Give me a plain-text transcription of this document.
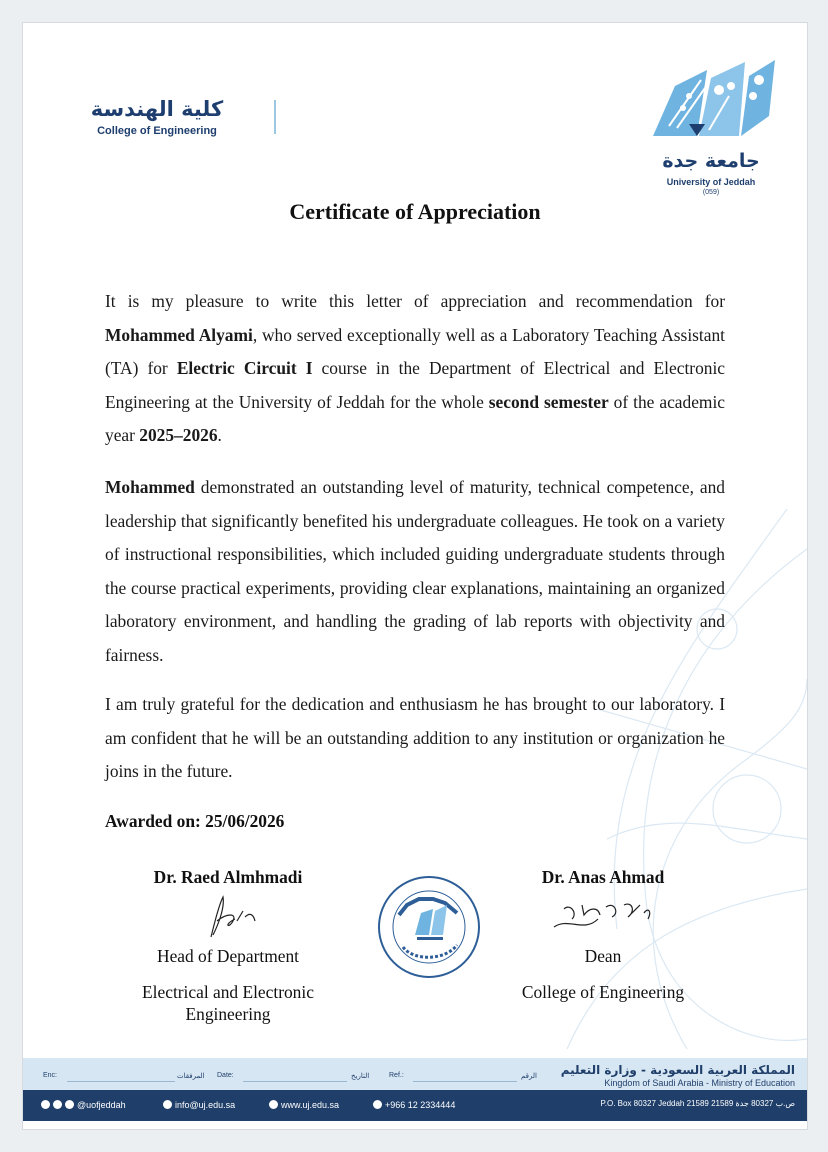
كلية الهندسة
College of Engineering
جامعة جدة
University of Jeddah
(059)
Certificate of Appreciation
It is my pleasure to write this letter of appreciation and recommendation for Mohammed Alyami, who served exceptionally well as a Laboratory Teaching Assistant (TA) for Electric Circuit I course in the Department of Electrical and Electronic Engineering at the University of Jeddah for the whole second semester of the academic year 2025–2026.
Mohammed demonstrated an outstanding level of maturity, technical competence, and leadership that significantly benefited his undergraduate colleagues. He took on a variety of instructional responsibilities, which included guiding undergraduate students through the course practical experiments, providing clear explanations, maintaining an organized laboratory environment, and handling the grading of lab reports with objectivity and fairness.
I am truly grateful for the dedication and enthusiasm he has brought to our laboratory. I am confident that he will be an outstanding addition to any institution or organization he joins in the future.
Awarded on: 25/06/2026
Dr. Raed Almhmadi
Head of Department
Electrical and Electronic Engineering
Dr. Anas Ahmad
Dean
College of Engineering
Enc:	المرفقات Date:	التاريخ	Ref.:	الرقم	المملكة العربية السعودية - وزارة التعليم
Kingdom of Saudi Arabia - Ministry of Education
@uofjeddah	info@uj.edu.sa	www.uj.edu.sa	+966 12 2334444	P.O. Box 80327 Jeddah 21589 21589 ص.ب 80327 جدة
